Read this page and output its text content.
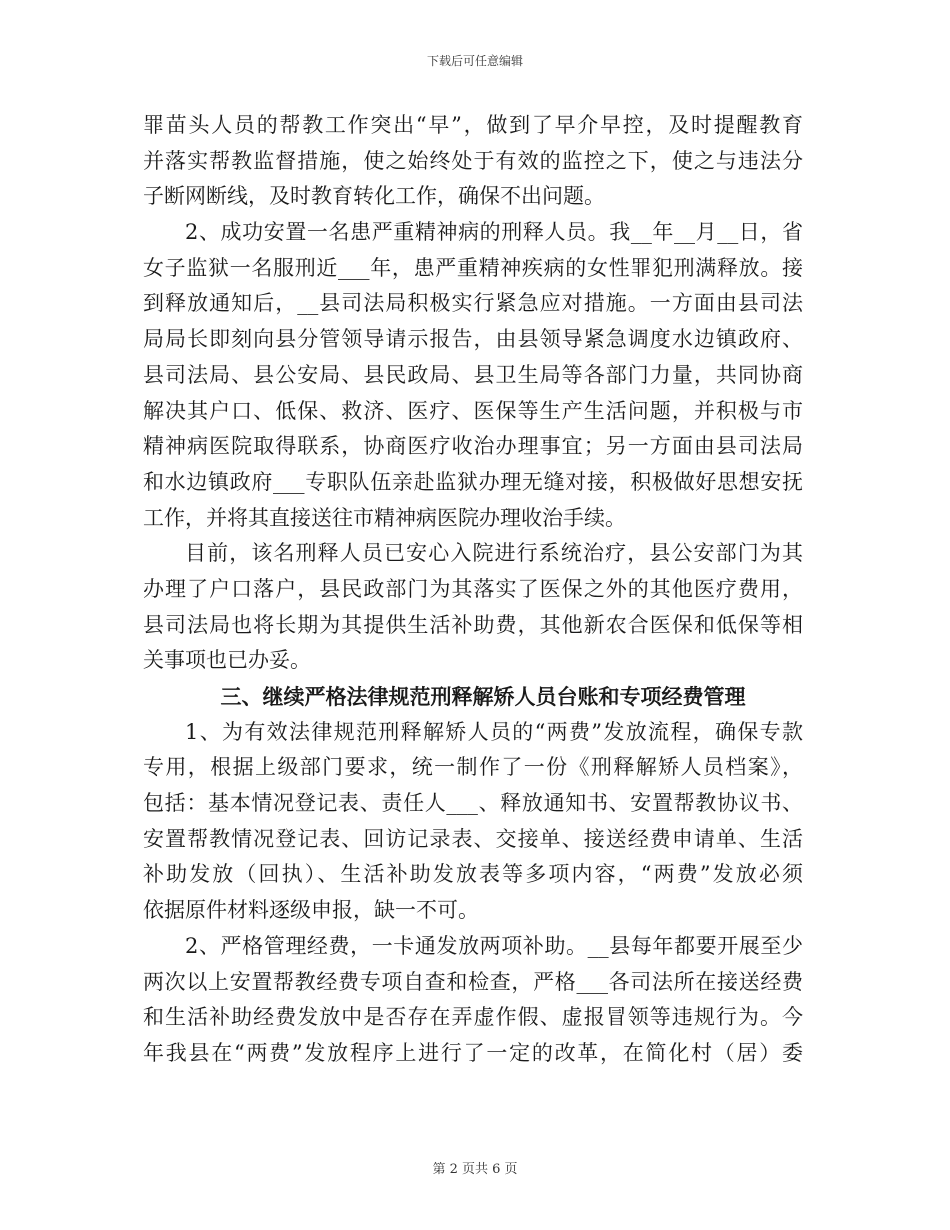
下载后可任意编辑
罪苗头人员的帮教工作突出“早”，做到了早介早控，及时提醒教育
并落实帮教监督措施，使之始终处于有效的监控之下，使之与违法分
子断网断线，及时教育转化工作，确保不出问题。
2、成功安置一名患严重精神病的刑释人员。我__年__月__日，省
女子监狱一名服刑近___年，患严重精神疾病的女性罪犯刑满释放。接
到释放通知后，__县司法局积极实行紧急应对措施。一方面由县司法
局局长即刻向县分管领导请示报告，由县领导紧急调度水边镇政府、
县司法局、县公安局、县民政局、县卫生局等各部门力量，共同协商
解决其户口、低保、救济、医疗、医保等生产生活问题，并积极与市
精神病医院取得联系，协商医疗收治办理事宜；另一方面由县司法局
和水边镇政府___专职队伍亲赴监狱办理无缝对接，积极做好思想安抚
工作，并将其直接送往市精神病医院办理收治手续。
目前，该名刑释人员已安心入院进行系统治疗，县公安部门为其
办理了户口落户，县民政部门为其落实了医保之外的其他医疗费用，
县司法局也将长期为其提供生活补助费，其他新农合医保和低保等相
关事项也已办妥。
三、继续严格法律规范刑释解矫人员台账和专项经费管理
1、为有效法律规范刑释解矫人员的“两费”发放流程，确保专款
专用，根据上级部门要求，统一制作了一份《刑释解矫人员档案》，
包括：基本情况登记表、责任人___、释放通知书、安置帮教协议书、
安置帮教情况登记表、回访记录表、交接单、接送经费申请单、生活
补助发放（回执）、生活补助发放表等多项内容，“两费”发放必须
依据原件材料逐级申报，缺一不可。
2、严格管理经费，一卡通发放两项补助。__县每年都要开展至少
两次以上安置帮教经费专项自查和检查，严格___各司法所在接送经费
和生活补助经费发放中是否存在弄虚作假、虚报冒领等违规行为。今
年我县在“两费”发放程序上进行了一定的改革，在简化村（居）委
第 2 页共 6 页
